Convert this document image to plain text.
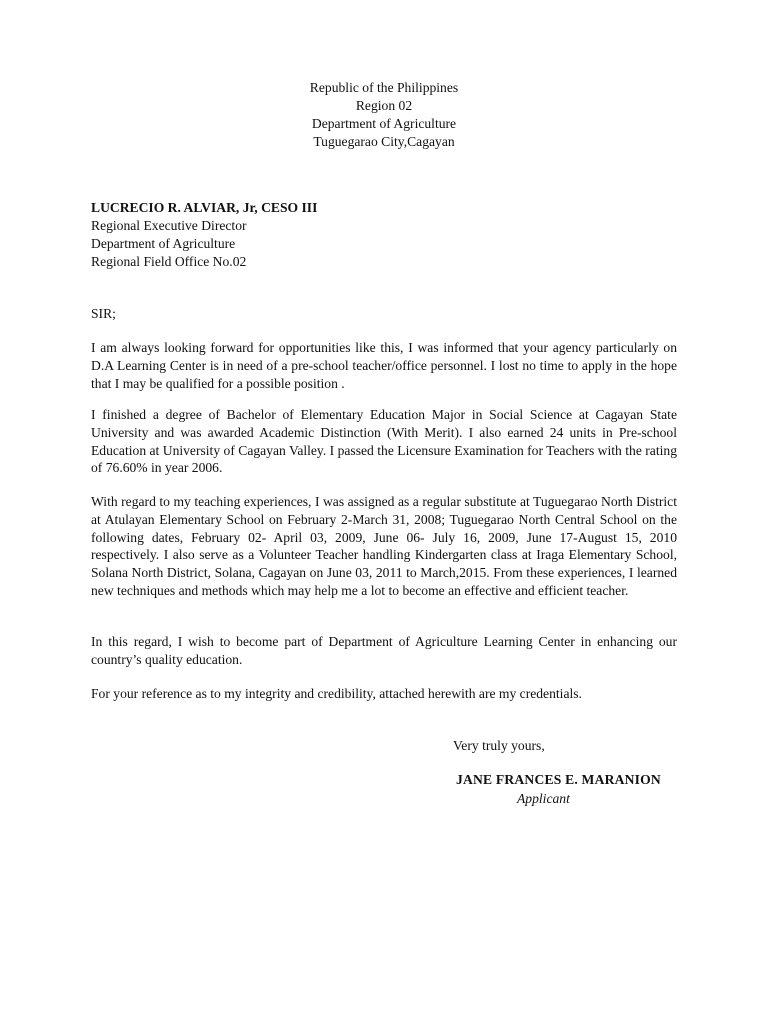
Republic of the Philippines
Region 02
Department of Agriculture
Tuguegarao City,Cagayan
LUCRECIO R. ALVIAR, Jr, CESO III
Regional Executive Director
Department of Agriculture
Regional Field Office No.02
SIR;

I am always looking forward for opportunities like this, I was informed that your agency particularly on D.A Learning Center is in need of a pre-school teacher/office personnel. I lost no time to apply in the hope that I may be qualified for a possible position .

I finished a degree of Bachelor of Elementary Education Major in Social Science at Cagayan State University and was awarded Academic Distinction (With Merit). I also earned 24 units in Pre-school Education at University of Cagayan Valley. I passed the Licensure Examination for Teachers with the rating of 76.60% in year 2006.

With regard to my teaching experiences, I was assigned as a regular substitute at Tuguegarao North District at Atulayan Elementary School on February 2-March 31, 2008; Tuguegarao North Central School on the following dates, February 02- April 03, 2009, June 06- July 16, 2009, June 17-August 15, 2010 respectively. I also serve as a Volunteer Teacher handling Kindergarten class at Iraga Elementary School, Solana North District, Solana, Cagayan on June 03, 2011 to March,2015. From these experiences, I learned new techniques and methods which may help me a lot to become an effective and efficient teacher.

In this regard, I wish to become part of Department of Agriculture Learning Center in enhancing our country’s quality education.

For your reference as to my integrity and credibility, attached herewith are my credentials.

Very truly yours,
JANE FRANCES E. MARANION
Applicant
